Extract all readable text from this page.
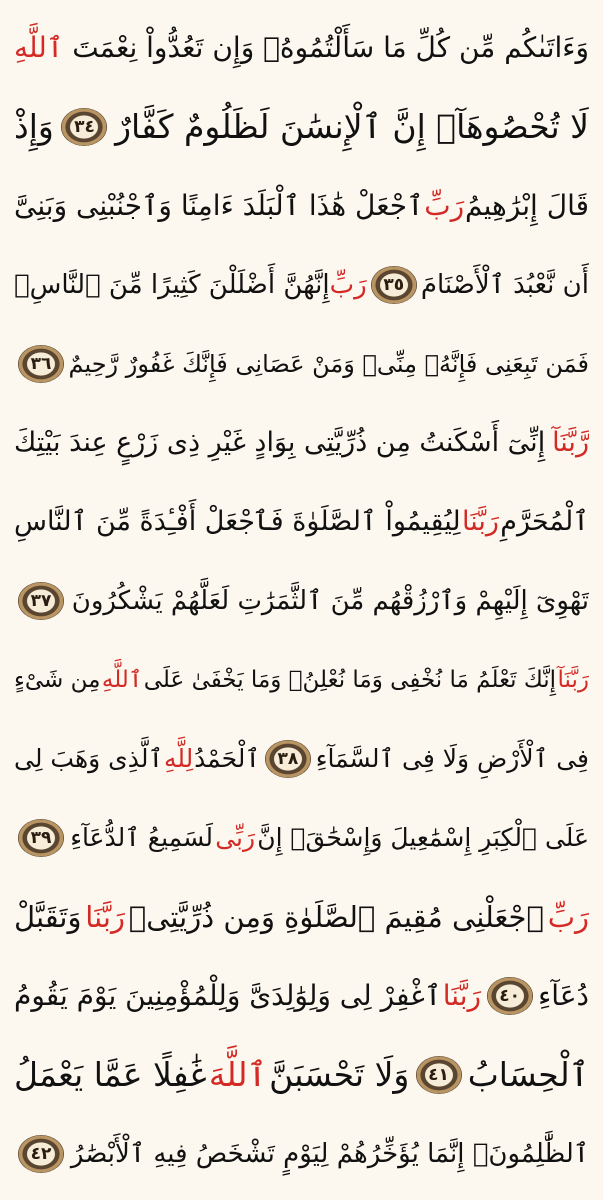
وَءَاتَىٰكُم مِّن كُلِّ مَا سَأَلْتُمُوهُۚ وَإِن تَعُدُّواْ نِعْمَتَ
ٱللَّهِ
لَا تُحْصُوهَآۗ إِنَّ ٱلْإِنسَٰنَ لَظَلُومٌ كَفَّارٌ
٣٤
وَإِذْ
قَالَ إِبْرَٰهِيمُ
رَبِّ
ٱجْعَلْ هَٰذَا ٱلْبَلَدَ ءَامِنًا وَٱجْنُبْنِى وَبَنِىَّ
أَن نَّعْبُدَ ٱلْأَصْنَامَ
٣٥
رَبِّ
إِنَّهُنَّ أَضْلَلْنَ كَثِيرًا مِّنَ ٱلنَّاسِۖ
فَمَن تَبِعَنِى فَإِنَّهُۥ مِنِّىۖ وَمَنْ عَصَانِى فَإِنَّكَ غَفُورٌ رَّحِيمٌ
٣٦
رَّبَّنَآ
إِنِّىٓ أَسْكَنتُ مِن ذُرِّيَّتِى بِوَادٍ غَيْرِ ذِى زَرْعٍ عِندَ بَيْتِكَ
ٱلْمُحَرَّمِ
رَبَّنَا
لِيُقِيمُواْ ٱلصَّلَوٰةَ فَٱجْعَلْ أَفْـِٔدَةً مِّنَ ٱلنَّاسِ
تَهْوِىٓ إِلَيْهِمْ وَٱرْزُقْهُم مِّنَ ٱلثَّمَرَٰتِ لَعَلَّهُمْ يَشْكُرُونَ
٣٧
رَبَّنَآ
إِنَّكَ تَعْلَمُ مَا نُخْفِى وَمَا نُعْلِنُۗ وَمَا يَخْفَىٰ عَلَى
ٱللَّهِ
مِن شَىْءٍ
فِى ٱلْأَرْضِ وَلَا فِى ٱلسَّمَآءِ
٣٨
ٱلْحَمْدُ
لِلَّهِ
ٱلَّذِى وَهَبَ لِى
عَلَى ٱلْكِبَرِ إِسْمَٰعِيلَ وَإِسْحَٰقَۚ إِنَّ
رَبِّى
لَسَمِيعُ ٱلدُّعَآءِ
٣٩
رَبِّ
ٱجْعَلْنِى مُقِيمَ ٱلصَّلَوٰةِ وَمِن ذُرِّيَّتِىۚ
رَبَّنَا
وَتَقَبَّلْ
دُعَآءِ
٤٠
رَبَّنَا
ٱغْفِرْ لِى وَلِوَٰلِدَىَّ وَلِلْمُؤْمِنِينَ يَوْمَ يَقُومُ
ٱلْحِسَابُ
٤١
وَلَا تَحْسَبَنَّ
ٱللَّهَ
غَٰفِلًا عَمَّا يَعْمَلُ
ٱلظَّٰلِمُونَۚ إِنَّمَا يُؤَخِّرُهُمْ لِيَوْمٍ تَشْخَصُ فِيهِ ٱلْأَبْصَٰرُ
٤٢
